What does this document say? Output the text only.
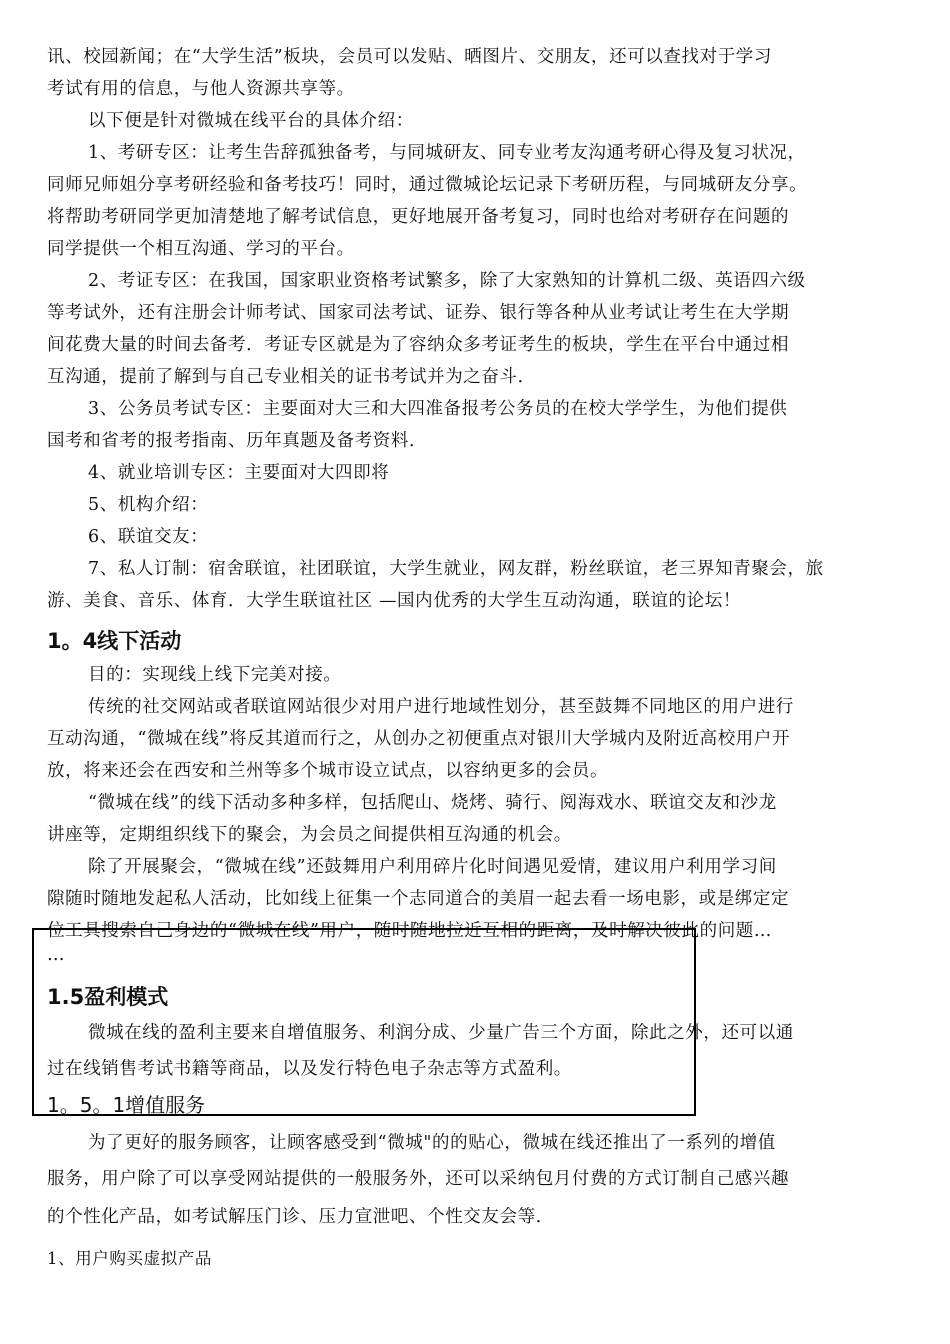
讯、校园新闻；在“大学生活”板块，会员可以发贴、晒图片、交朋友，还可以查找对于学习
考试有用的信息，与他人资源共享等。
以下便是针对微城在线平台的具体介绍：
1、考研专区：让考生告辞孤独备考，与同城研友、同专业考友沟通考研心得及复习状况，
同师兄师姐分享考研经验和备考技巧！同时，通过微城论坛记录下考研历程，与同城研友分享。
将帮助考研同学更加清楚地了解考试信息，更好地展开备考复习，同时也给对考研存在问题的
同学提供一个相互沟通、学习的平台。
2、考证专区：在我国，国家职业资格考试繁多，除了大家熟知的计算机二级、英语四六级
等考试外，还有注册会计师考试、国家司法考试、证券、银行等各种从业考试让考生在大学期
间花费大量的时间去备考．考证专区就是为了容纳众多考证考生的板块，学生在平台中通过相
互沟通，提前了解到与自己专业相关的证书考试并为之奋斗．
3、公务员考试专区：主要面对大三和大四准备报考公务员的在校大学学生，为他们提供
国考和省考的报考指南、历年真题及备考资料．
4、就业培训专区：主要面对大四即将
5、机构介绍：
6、联谊交友：
7、私人订制：宿舍联谊，社团联谊，大学生就业，网友群，粉丝联谊，老三界知青聚会，旅
游、美食、音乐、体育．大学生联谊社区 —国内优秀的大学生互动沟通，联谊的论坛！
1。4线下活动
目的：实现线上线下完美对接。
传统的社交网站或者联谊网站很少对用户进行地域性划分，甚至鼓舞不同地区的用户进行
互动沟通，“微城在线”将反其道而行之，从创办之初便重点对银川大学城内及附近高校用户开
放，将来还会在西安和兰州等多个城市设立试点，以容纳更多的会员。
“微城在线”的线下活动多种多样，包括爬山、烧烤、骑行、阅海戏水、联谊交友和沙龙
讲座等，定期组织线下的聚会，为会员之间提供相互沟通的机会。
除了开展聚会，“微城在线”还鼓舞用户利用碎片化时间遇见爱情，建议用户利用学习间
隙随时随地发起私人活动，比如线上征集一个志同道合的美眉一起去看一场电影，或是绑定定
位工具搜索自己身边的“微城在线”用户，随时随地拉近互相的距离，及时解决彼此的问题…
…
1.5盈利模式
微城在线的盈利主要来自增值服务、利润分成、少量广告三个方面，除此之外，还可以通
过在线销售考试书籍等商品，以及发行特色电子杂志等方式盈利。
1。5。1增值服务
为了更好的服务顾客，让顾客感受到“微城"的的贴心，微城在线还推出了一系列的增值
服务，用户除了可以享受网站提供的一般服务外，还可以采纳包月付费的方式订制自己感兴趣
的个性化产品，如考试解压门诊、压力宣泄吧、个性交友会等．
1、用户购买虚拟产品
